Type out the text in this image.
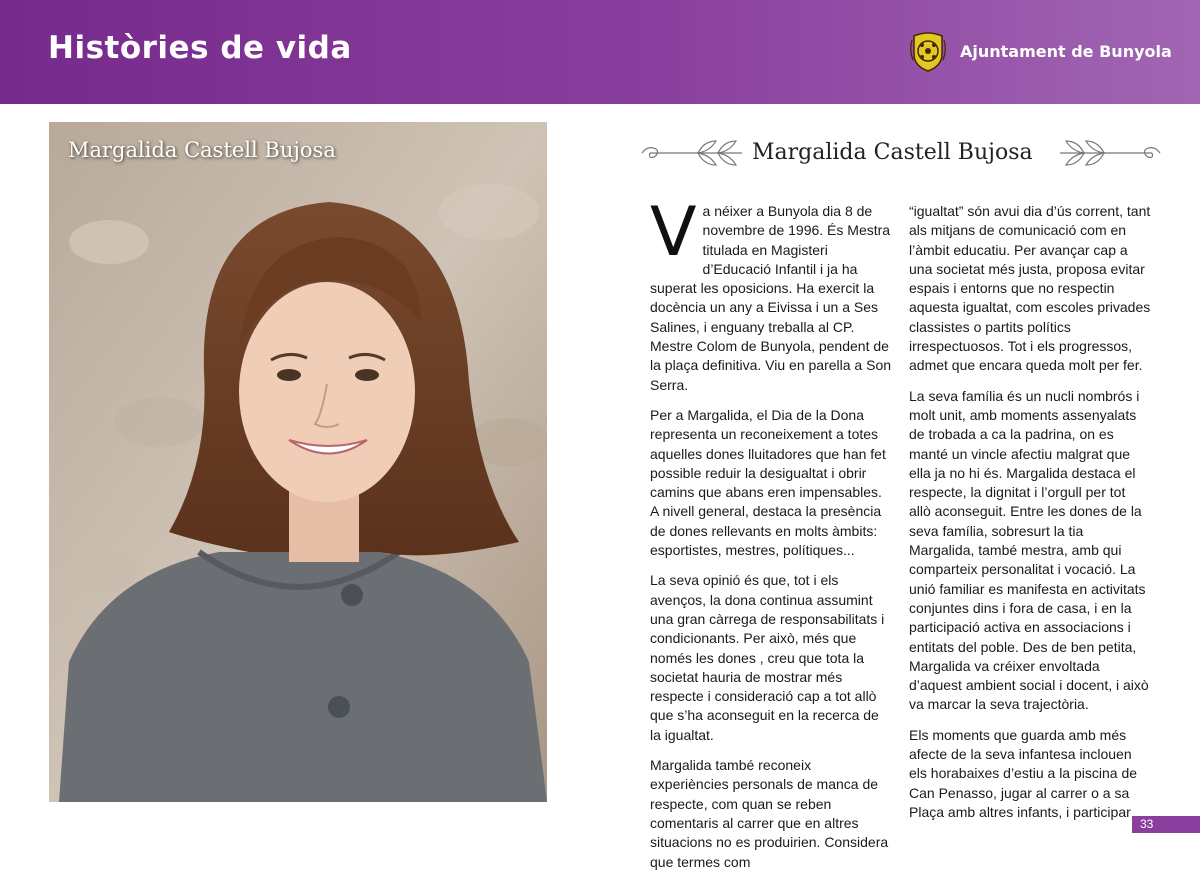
Històries de vida	Ajuntament de Bunyola
Margalida Castell Bujosa	Margalida Castell Bujosa

Va néixer a Bunyola dia 8 de novembre de 1996. És Mestra titulada en Magisteri d’Educació Infantil i ja ha superat les oposicions. Ha exercit la docència un any a Eivissa i un a Ses Salines, i enguany treballa al CP. Mestre Colom de Bunyola, pendent de la plaça definitiva. Viu en parella a Son Serra.

Per a Margalida, el Dia de la Dona representa un reconeixement a totes aquelles dones lluitadores que han fet possible reduir la desigualtat i obrir camins que abans eren impensables. A nivell general, destaca la presència de dones rellevants en molts àmbits: esportistes, mestres, polítiques...

La seva opinió és que, tot i els avenços, la dona continua assumint una gran càrrega de responsabilitats i condicionants. Per això, més que només les dones , creu que tota la societat hauria de mostrar més respecte i consideració cap a tot allò que s’ha aconseguit en la recerca de la igualtat.

Margalida també reconeix experiències personals de manca de respecte, com quan se reben comentaris al carrer que en altres situacions no es produirien. Considera que termes com

“igualtat” són avui dia d’ús corrent, tant als mitjans de comunicació com en l’àmbit educatiu. Per avançar cap a una societat més justa, proposa evitar espais i entorns que no respectin aquesta igualtat, com escoles privades classistes o partits polítics irrespectuosos. Tot i els progressos, admet que encara queda molt per fer.

La seva família és un nucli nombrós i molt unit, amb moments assenyalats de trobada a ca la padrina, on es manté un vincle afectiu malgrat que ella ja no hi és. Margalida destaca el respecte, la dignitat i l’orgull per tot allò aconseguit. Entre les dones de la seva família, sobresurt la tia Margalida, també mestra, amb qui comparteix personalitat i vocació. La unió familiar es manifesta en activitats conjuntes dins i fora de casa, i en la participació activa en associacions i entitats del poble. Des de ben petita, Margalida va créixer envoltada d’aquest ambient social i docent, i això va marcar la seva trajectòria.

Els moments que guarda amb més afecte de la seva infantesa inclouen els horabaixes d’estiu a la piscina de Can Penasso, jugar al carrer o a sa Plaça amb altres infants, i participar

33
